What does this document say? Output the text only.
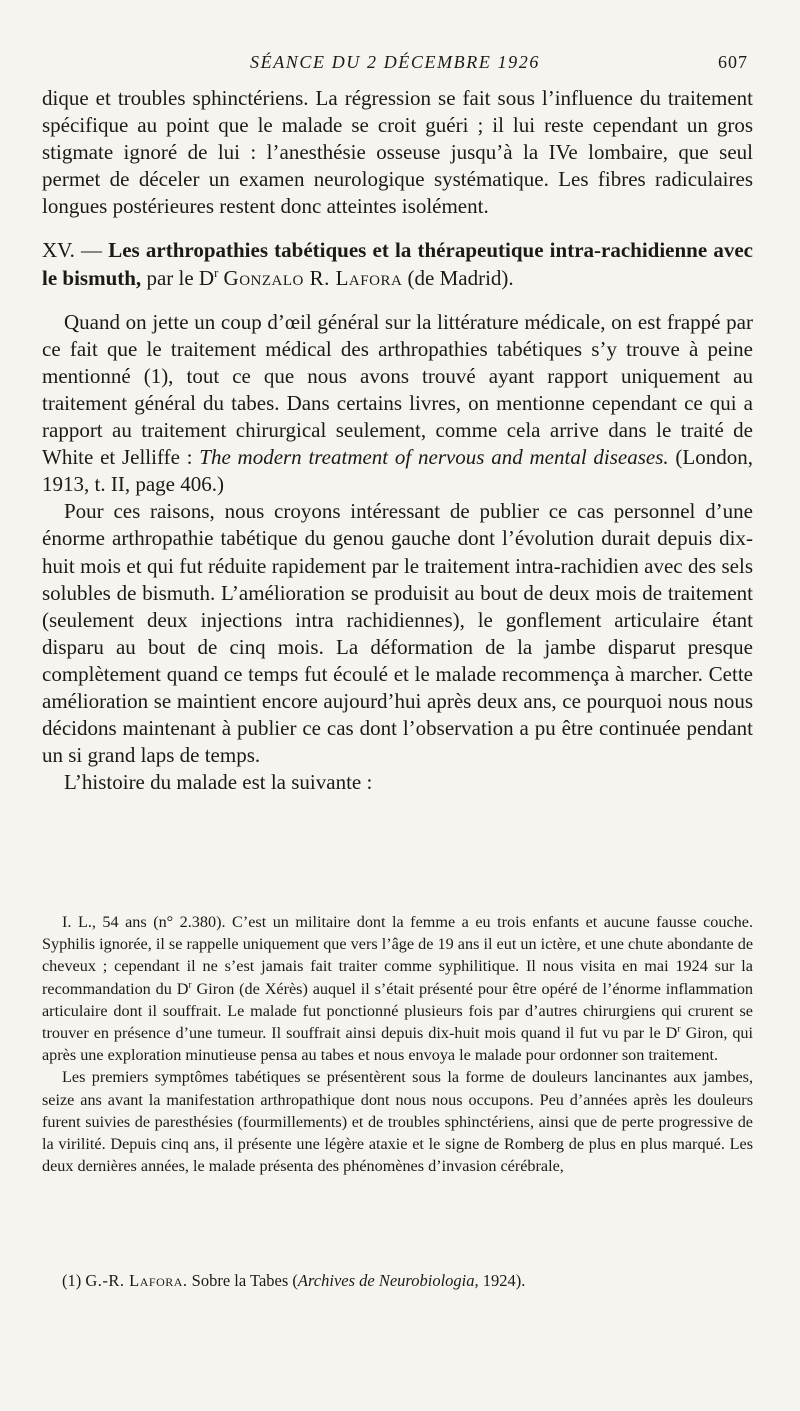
SÉANCE DU 2 DÉCEMBRE 1926	607

dique et troubles sphinctériens. La régression se fait sous l’influence du traitement spécifique au point que le malade se croit guéri ; il lui reste cependant un gros stigmate ignoré de lui : l’anesthésie osseuse jusqu’à la IVe lombaire, que seul permet de déceler un examen neurologique systématique. Les fibres radiculaires longues postérieures restent donc atteintes isolément.

XV. — Les arthropathies tabétiques et la thérapeutique intra-rachidienne avec le bismuth, par le $D^r$ Gonzalo R. Lafora (de Madrid).

Quand on jette un coup d’œil général sur la littérature médicale, on est frappé par ce fait que le traitement médical des arthropathies tabétiques s’y trouve à peine mentionné (1), tout ce que nous avons trouvé ayant rapport uniquement au traitement général du tabes. Dans certains livres, on mentionne cependant ce qui a rapport au traitement chirurgical seulement, comme cela arrive dans le traité de White et Jelliffe : The modern treatment of nervous and mental diseases. (London, 1913, t. II, page 406.)

Pour ces raisons, nous croyons intéressant de publier ce cas personnel d’une énorme arthropathie tabétique du genou gauche dont l’évolution durait depuis dix-huit mois et qui fut réduite rapidement par le traitement intra-rachidien avec des sels solubles de bismuth. L’amélioration se produisit au bout de deux mois de traitement (seulement deux injections intra rachidiennes), le gonflement articulaire étant disparu au bout de cinq mois. La déformation de la jambe disparut presque complètement quand ce temps fut écoulé et le malade recommença à marcher. Cette amélioration se maintient encore aujourd’hui après deux ans, ce pourquoi nous nous décidons maintenant à publier ce cas dont l’observation a pu être continuée pendant un si grand laps de temps.

L’histoire du malade est la suivante :

I. L., 54 ans (n° 2.380). C’est un militaire dont la femme a eu trois enfants et aucune fausse couche. Syphilis ignorée, il se rappelle uniquement que vers l’âge de 19 ans il eut un ictère, et une chute abondante de cheveux ; cependant il ne s’est jamais fait traiter comme syphilitique. Il nous visita en mai 1924 sur la recommandation du $D^r$ Giron (de Xérès) auquel il s’était présenté pour être opéré de l’énorme inflammation articulaire dont il souffrait. Le malade fut ponctionné plusieurs fois par d’autres chirurgiens qui crurent se trouver en présence d’une tumeur. Il souffrait ainsi depuis dix-huit mois quand il fut vu par le $D^r$ Giron, qui après une exploration minutieuse pensa au tabes et nous envoya le malade pour ordonner son traitement.

Les premiers symptômes tabétiques se présentèrent sous la forme de douleurs lancinantes aux jambes, seize ans avant la manifestation arthropathique dont nous nous occupons. Peu d’années après les douleurs furent suivies de paresthésies (fourmillements) et de troubles sphinctériens, ainsi que de perte progressive de la virilité. Depuis cinq ans, il présente une légère ataxie et le signe de Romberg de plus en plus marqué. Les deux dernières années, le malade présenta des phénomènes d’invasion cérébrale,

(1) G.-R. Lafora. Sobre la Tabes (Archives de Neurobiologia, 1924).
